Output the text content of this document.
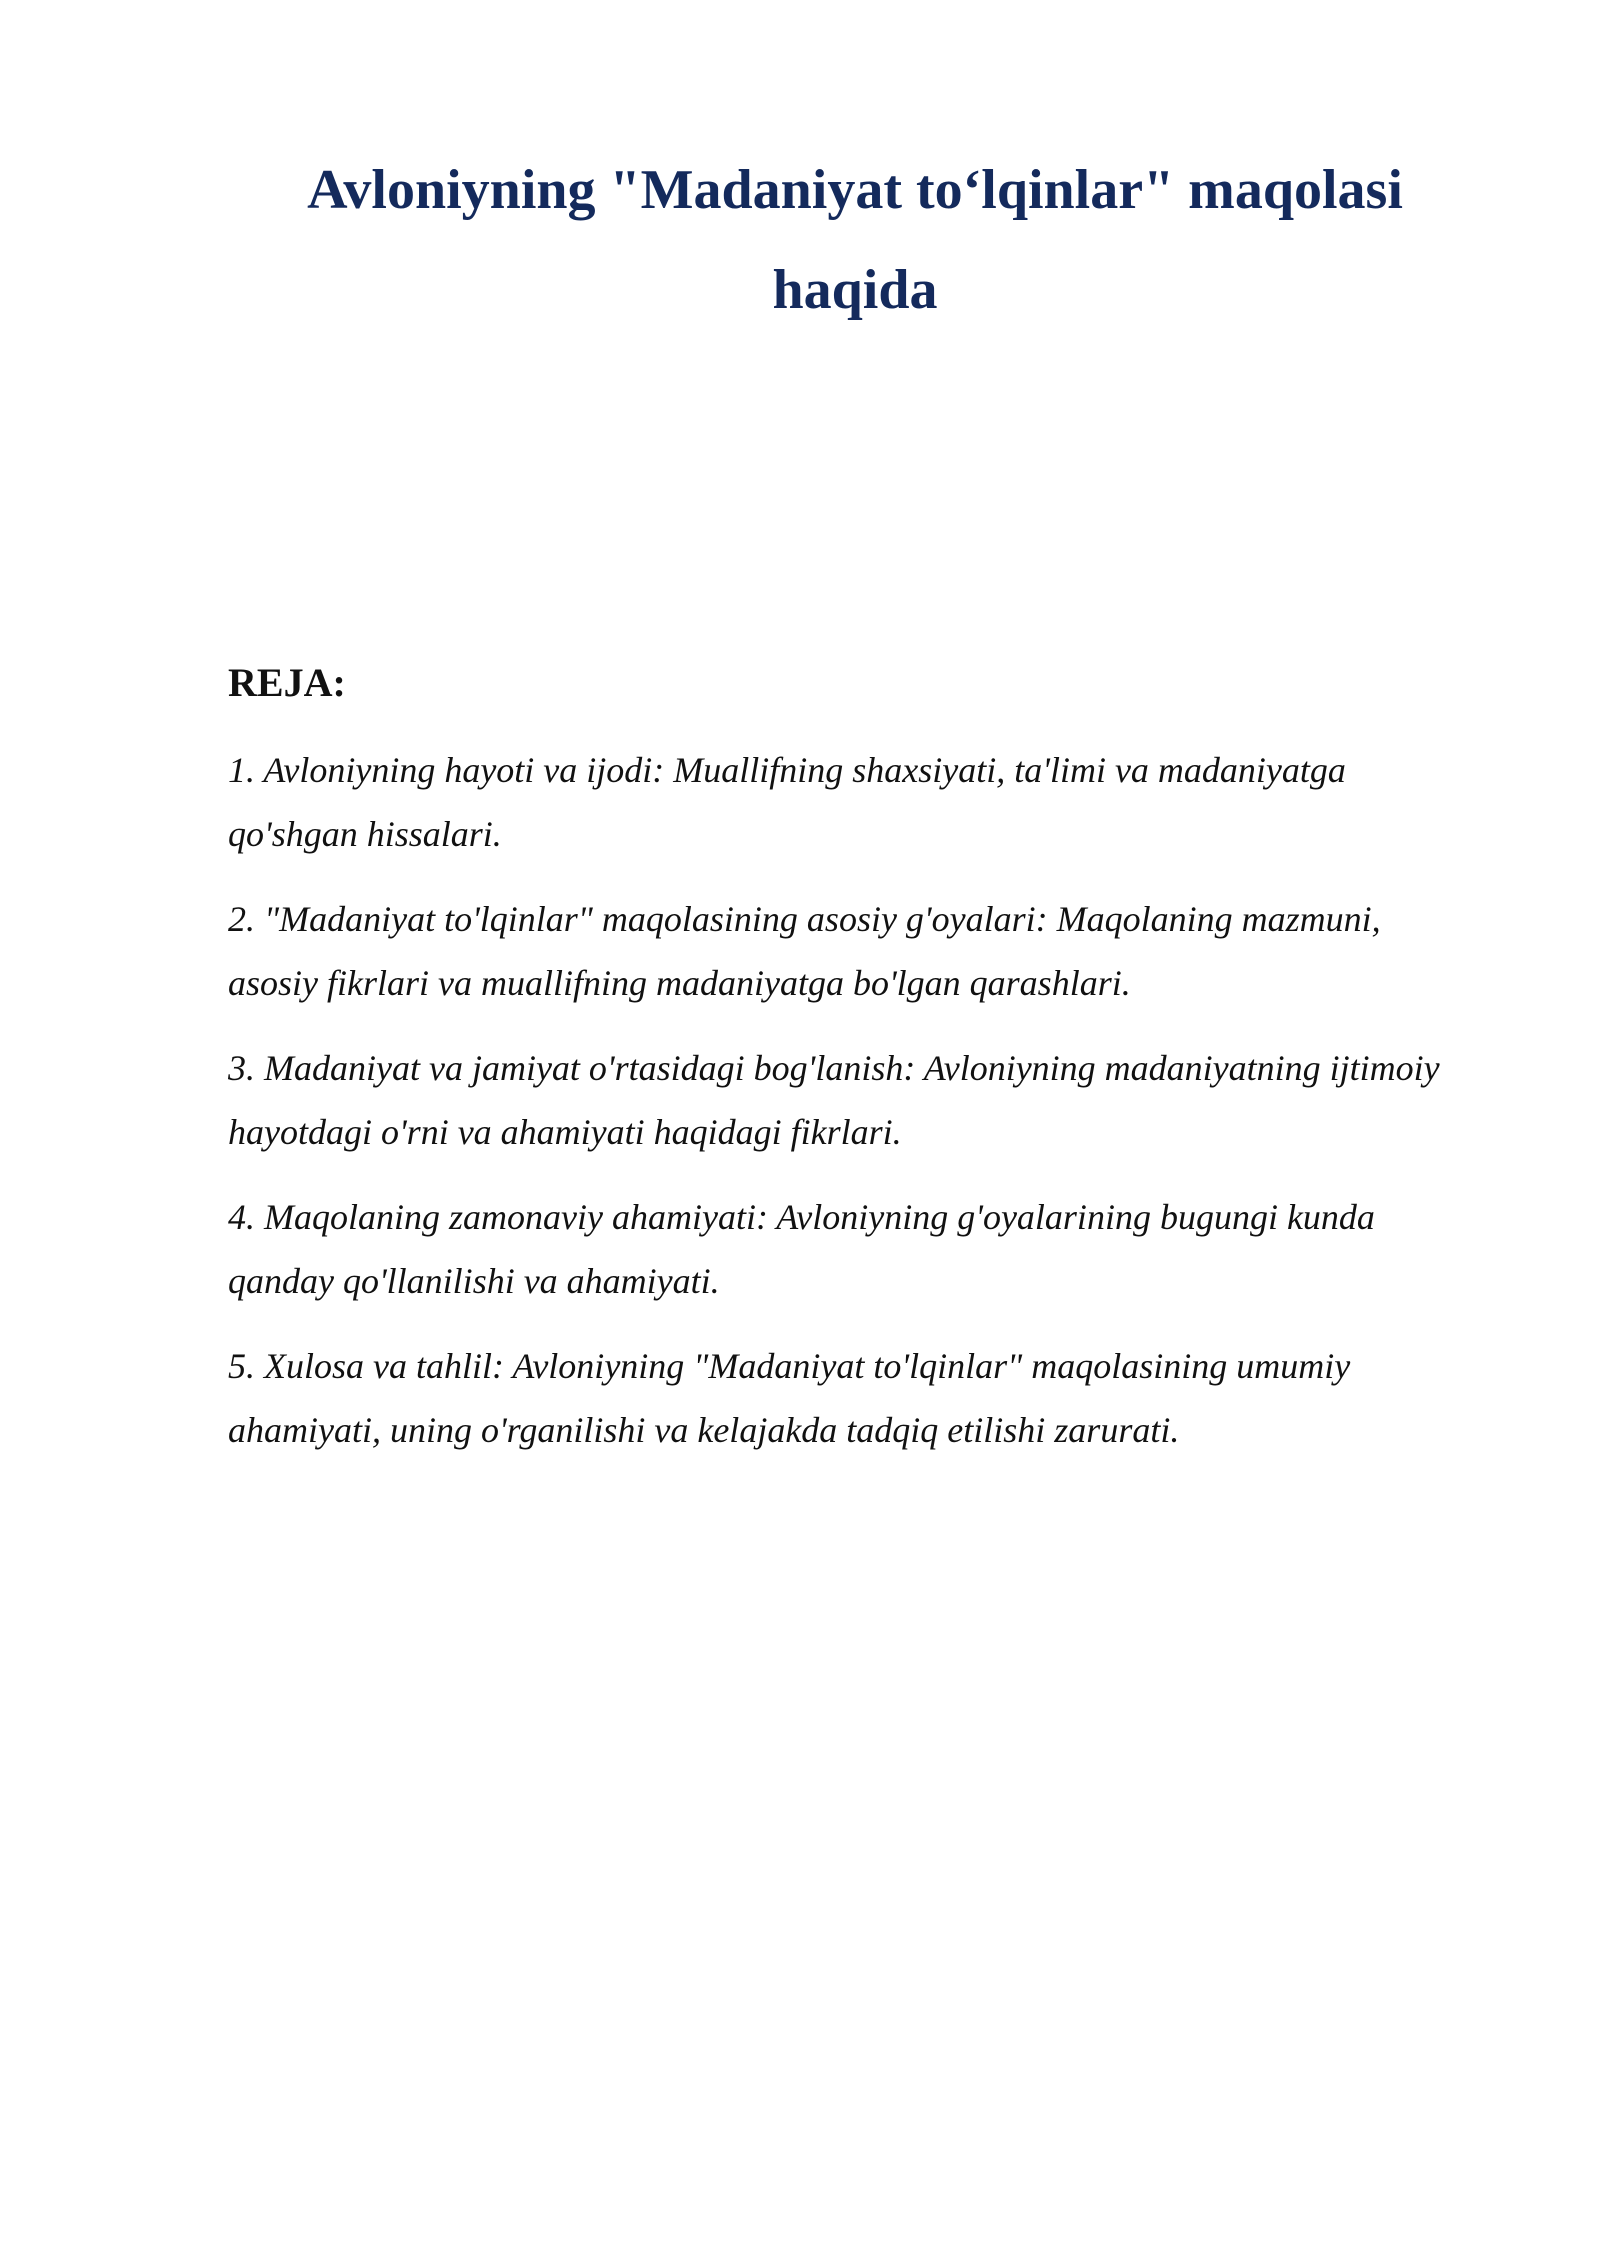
Avloniyning "Madaniyat to‘lqinlar" maqolasi haqida
REJA:
1. Avloniyning hayoti va ijodi: Muallifning shaxsiyati, ta'limi va madaniyatga qo'shgan hissalari.
2. "Madaniyat to'lqinlar" maqolasining asosiy g'oyalari: Maqolaning mazmuni, asosiy fikrlari va muallifning madaniyatga bo'lgan qarashlari.
3. Madaniyat va jamiyat o'rtasidagi bog'lanish: Avloniyning madaniyatning ijtimoiy hayotdagi o'rni va ahamiyati haqidagi fikrlari.
4. Maqolaning zamonaviy ahamiyati: Avloniyning g'oyalarining bugungi kunda qanday qo'llanilishi va ahamiyati.
5. Xulosa va tahlil: Avloniyning "Madaniyat to'lqinlar" maqolasining umumiy ahamiyati, uning o'rganilishi va kelajakda tadqiq etilishi zarurati.
